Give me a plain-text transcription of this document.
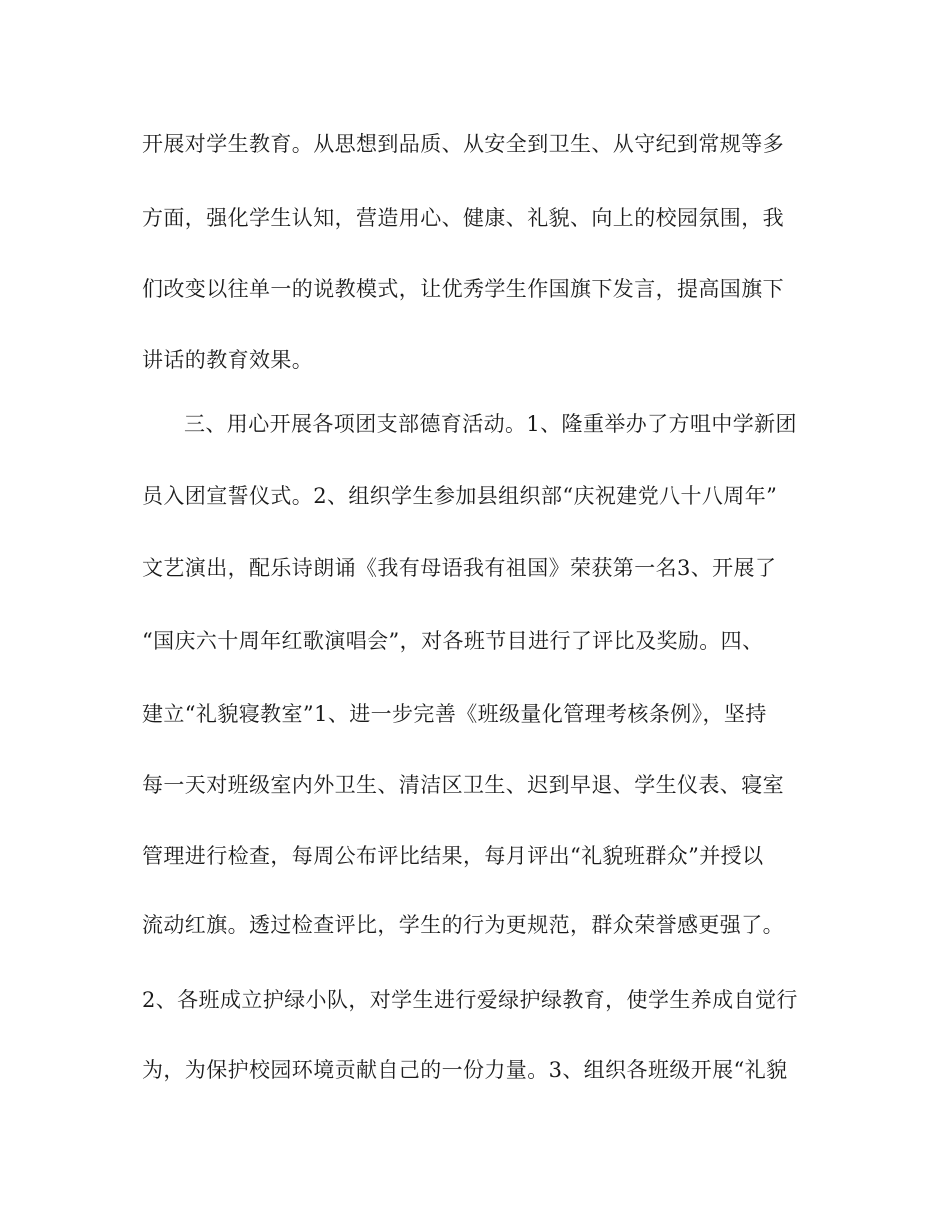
开展对学生教育。从思想到品质、从安全到卫生、从守纪到常规等多
方面，强化学生认知，营造用心、健康、礼貌、向上的校园氛围，我
们改变以往单一的说教模式，让优秀学生作国旗下发言，提高国旗下
讲话的教育效果。
三、用心开展各项团支部德育活动。1、隆重举办了方咀中学新团
员入团宣誓仪式。2、组织学生参加县组织部“庆祝建党八十八周年”
文艺演出，配乐诗朗诵《我有母语我有祖国》荣获第一名3、开展了
“国庆六十周年红歌演唱会”，对各班节目进行了评比及奖励。四、
建立“礼貌寝教室”1、进一步完善《班级量化管理考核条例》，坚持
每一天对班级室内外卫生、清洁区卫生、迟到早退、学生仪表、寝室
管理进行检查，每周公布评比结果，每月评出“礼貌班群众”并授以
流动红旗。透过检查评比，学生的行为更规范，群众荣誉感更强了。
2、各班成立护绿小队，对学生进行爱绿护绿教育，使学生养成自觉行
为，为保护校园环境贡献自己的一份力量。3、组织各班级开展“礼貌
